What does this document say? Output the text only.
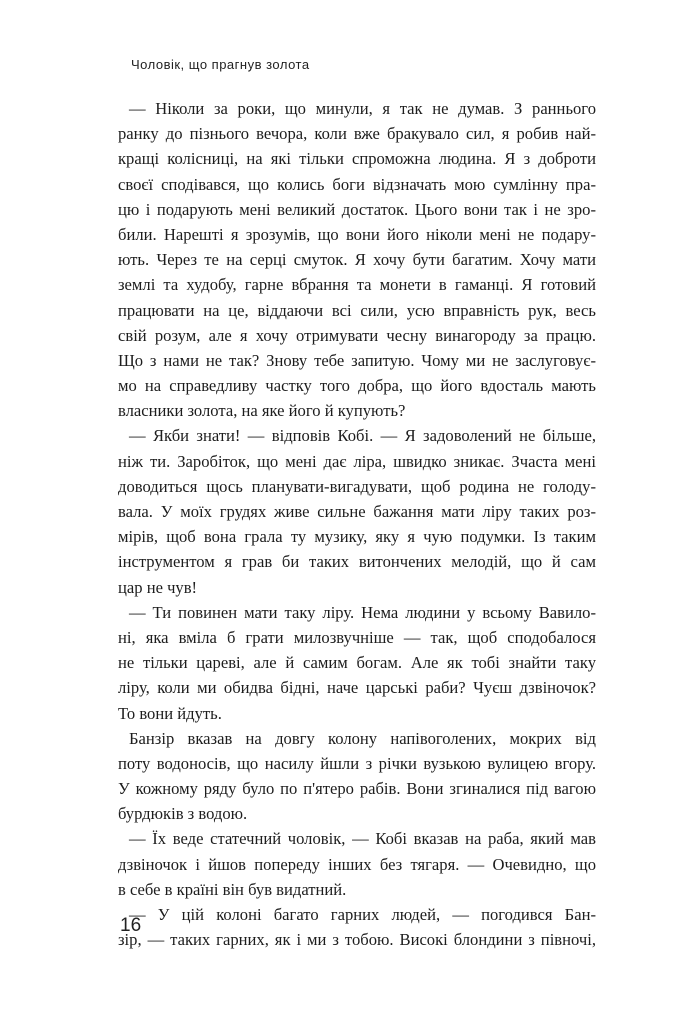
Чоловік, що прагнув золота
— Ніколи за роки, що минули, я так не думав. З раннього
ранку до пізнього вечора, коли вже бракувало сил, я робив най-
кращі колісниці, на які тільки спроможна людина. Я з доброти
своєї сподівався, що колись боги відзначать мою сумлінну пра-
цю і подарують мені великий достаток. Цього вони так і не зро-
били. Нарешті я зрозумів, що вони його ніколи мені не подару-
ють. Через те на серці смуток. Я хочу бути багатим. Хочу мати
землі та худобу, гарне вбрання та монети в гаманці. Я готовий
працювати на це, віддаючи всі сили, усю вправність рук, весь
свій розум, але я хочу отримувати чесну винагороду за працю.
Що з нами не так? Знову тебе запитую. Чому ми не заслуговує-
мо на справедливу частку того добра, що його вдосталь мають
власники золота, на яке його й купують?
— Якби знати! — відповів Кобі. — Я задоволений не більше,
ніж ти. Заробіток, що мені дає ліра, швидко зникає. Зчаста мені
доводиться щось планувати-вигадувати, щоб родина не голоду-
вала. У моїх грудях живе сильне бажання мати ліру таких роз-
мірів, щоб вона грала ту музику, яку я чую подумки. Із таким
інструментом я грав би таких витончених мелодій, що й сам
цар не чув!
— Ти повинен мати таку ліру. Нема людини у всьому Вавило-
ні, яка вміла б грати милозвучніше — так, щоб сподобалося
не тільки цареві, але й самим богам. Але як тобі знайти таку
ліру, коли ми обидва бідні, наче царські раби? Чуєш дзвіночок?
То вони йдуть.
Банзір вказав на довгу колону напівоголених, мокрих від
поту водоносів, що насилу йшли з річки вузькою вулицею вгору.
У кожному ряду було по п'ятеро рабів. Вони згиналися під вагою
бурдюків з водою.
— Їх веде статечний чоловік, — Кобі вказав на раба, який мав
дзвіночок і йшов попереду інших без тягаря. — Очевидно, що
в себе в країні він був видатний.
— У цій колоні багато гарних людей, — погодився Бан-
зір, — таких гарних, як і ми з тобою. Високі блондини з півночі,
16
